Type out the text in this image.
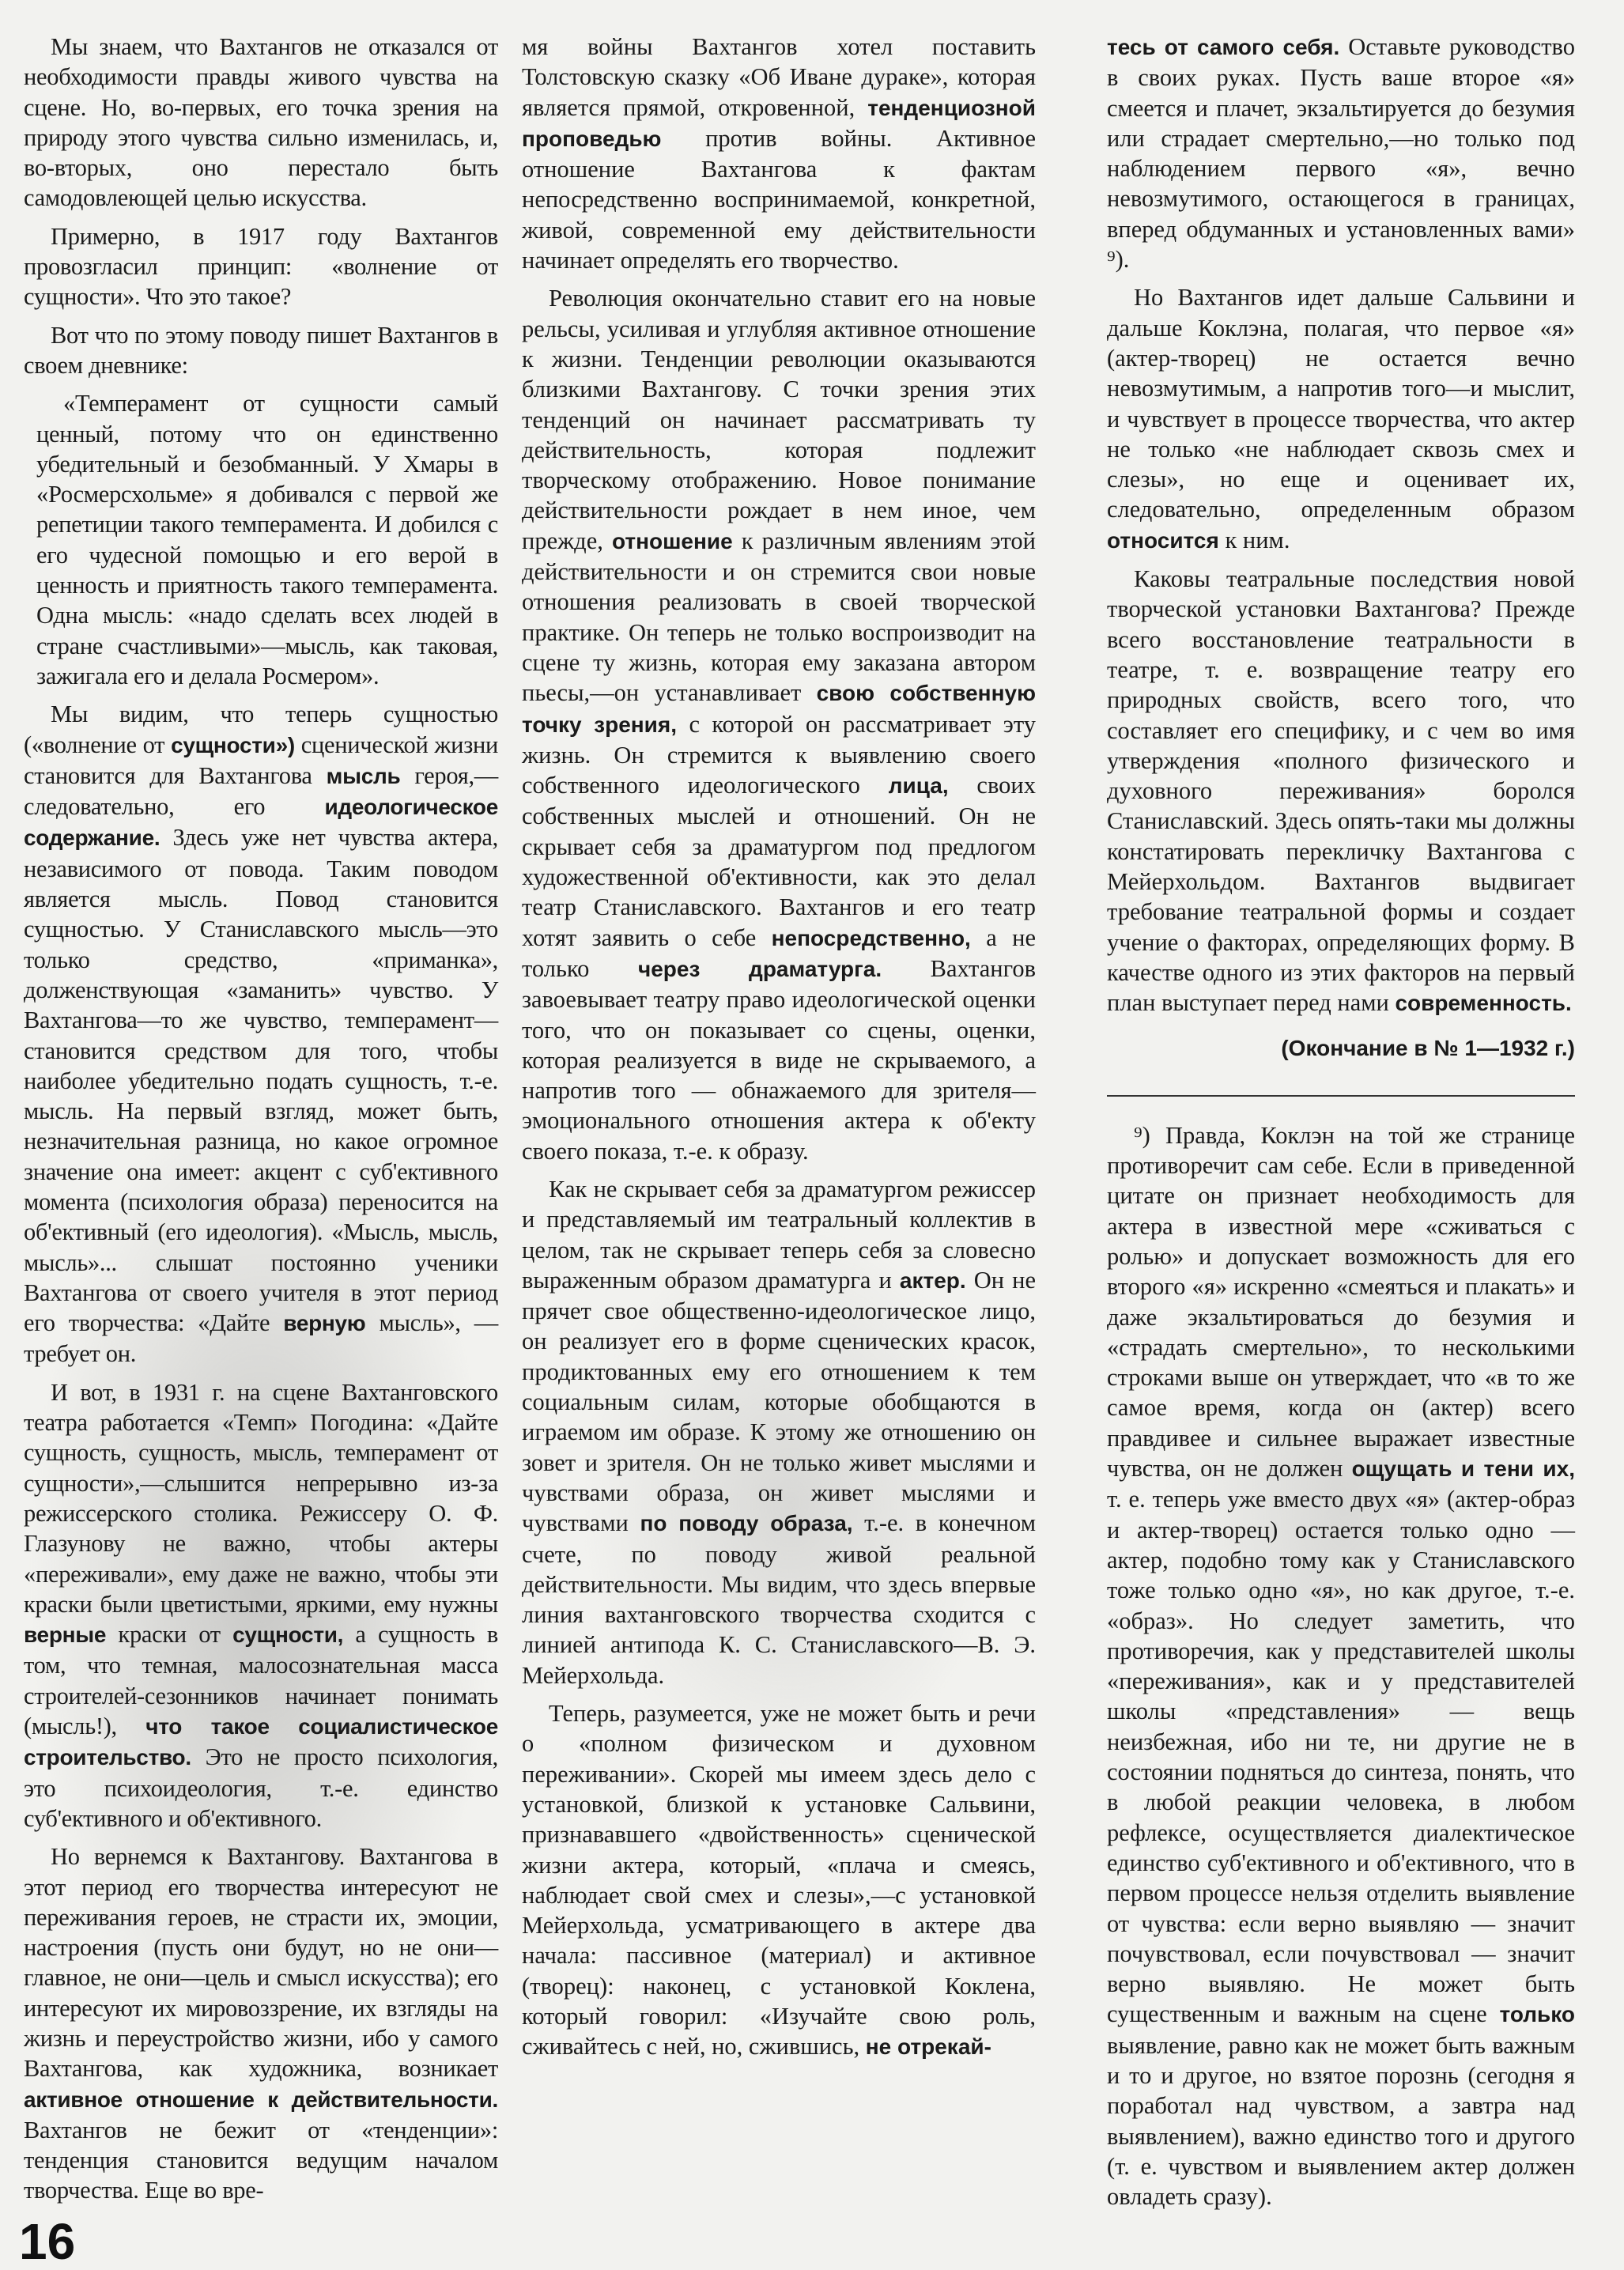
Мы знаем, что Вахтангов не отказался от необходимости правды живого чувства на сцене. Но, во-первых, его точка зрения на природу этого чувства сильно изменилась, и, во-вторых, оно перестало быть самодовлеющей целью искусства.

Примерно, в 1917 году Вахтангов провозгласил принцип: «волнение от сущности». Что это такое?

Вот что по этому поводу пишет Вахтангов в своем дневнике:

«Темперамент от сущности самый ценный, потому что он единственно убедительный и безобманный. У Хмары в «Росмерсхольме» я добивался с первой же репетиции такого темперамента. И добился с его чудесной помощью и его верой в ценность и приятность такого темперамента. Одна мысль: «надо сделать всех людей в стране счастливыми»—мысль, как таковая, зажигала его и делала Росмером».

Мы видим, что теперь сущностью («волнение от сущности») сценической жизни становится для Вахтангова мысль героя,—следовательно, его идеологическое содержание. Здесь уже нет чувства актера, независимого от повода. Таким поводом является мысль. Повод становится сущностью. У Станиславского мысль—это только средство, «приманка», долженствующая «заманить» чувство. У Вахтангова—то же чувство, темперамент—становится средством для того, чтобы наиболее убедительно подать сущность, т.-е. мысль. На первый взгляд, может быть, незначительная разница, но какое огромное значение она имеет: акцент с суб'ективного момента (психология образа) переносится на об'ективный (его идеология). «Мысль, мысль, мысль»... слышат постоянно ученики Вахтангова от своего учителя в этот период его творчества: «Дайте верную мысль», — требует он.

И вот, в 1931 г. на сцене Вахтанговского театра работается «Темп» Погодина: «Дайте сущность, сущность, мысль, темперамент от сущности»,—слышится непрерывно из-за режиссерского столика. Режиссеру О. Ф. Глазунову не важно, чтобы актеры «переживали», ему даже не важно, чтобы эти краски были цветистыми, яркими, ему нужны верные краски от сущности, а сущность в том, что темная, малосознательная масса строителей-сезонников начинает понимать (мысль!), что такое социалистическое строительство. Это не просто психология, это психоидеология, т.-е. единство суб'ективного и об'ективного.

Но вернемся к Вахтангову. Вахтангова в этот период его творчества интересуют не переживания героев, не страсти их, эмоции, настроения (пусть они будут, но не они—главное, не они—цель и смысл искусства); его интересуют их мировоззрение, их взгляды на жизнь и переустройство жизни, ибо у самого Вахтангова, как художника, возникает активное отношение к действительности. Вахтангов не бежит от «тенденции»: тенденция становится ведущим началом творчества. Еще во вре-

16

мя войны Вахтангов хотел поставить Толстовскую сказку «Об Иване дураке», которая является прямой, откровенной, тенденциозной проповедью против войны. Активное отношение Вахтангова к фактам непосредственно воспринимаемой, конкретной, живой, современной ему действительности начинает определять его творчество.

Революция окончательно ставит его на новые рельсы, усиливая и углубляя активное отношение к жизни. Тенденции революции оказываются близкими Вахтангову. С точки зрения этих тенденций он начинает рассматривать ту действительность, которая подлежит творческому отображению. Новое понимание действительности рождает в нем иное, чем прежде, отношение к различным явлениям этой действительности и он стремится свои новые отношения реализовать в своей творческой практике. Он теперь не только воспроизводит на сцене ту жизнь, которая ему заказана автором пьесы,—он устанавливает свою собственную точку зрения, с которой он рассматривает эту жизнь. Он стремится к выявлению своего собственного идеологического лица, своих собственных мыслей и отношений. Он не скрывает себя за драматургом под предлогом художественной об'ективности, как это делал театр Станиславского. Вахтангов и его театр хотят заявить о себе непосредственно, а не только через драматурга. Вахтангов завоевывает театру право идеологической оценки того, что он показывает со сцены, оценки, которая реализуется в виде не скрываемого, а напротив того — обнажаемого для зрителя—эмоционального отношения актера к об'екту своего показа, т.-е. к образу.

Как не скрывает себя за драматургом режиссер и представляемый им театральный коллектив в целом, так не скрывает теперь себя за словесно выраженным образом драматурга и актер. Он не прячет свое общественно-идеологическое лицо, он реализует его в форме сценических красок, продиктованных ему его отношением к тем социальным силам, которые обобщаются в играемом им образе. К этому же отношению он зовет и зрителя. Он не только живет мыслями и чувствами образа, он живет мыслями и чувствами по поводу образа, т.-е. в конечном счете, по поводу живой реальной действительности. Мы видим, что здесь впервые линия вахтанговского творчества сходится с линией антипода К. С. Станиславского—В. Э. Мейерхольда.

Теперь, разумеется, уже не может быть и речи о «полном физическом и духовном переживании». Скорей мы имеем здесь дело с установкой, близкой к установке Сальвини, признававшего «двойственность» сценической жизни актера, который, «плача и смеясь, наблюдает свой смех и слезы»,—с установкой Мейерхольда, усматривающего в актере два начала: пассивное (материал) и активное (творец): наконец, с установкой Коклена, который говорил: «Изучайте свою роль, сживайтесь с ней, но, сжившись, не отрекай-

тесь от самого себя. Оставьте руководство в своих руках. Пусть ваше второе «я» смеется и плачет, экзальтируется до безумия или страдает смертельно,—но только под наблюдением первого «я», вечно невозмутимого, остающегося в границах, вперед обдуманных и установленных вами» ⁹).

Но Вахтангов идет дальше Сальвини и дальше Коклэна, полагая, что первое «я» (актер-творец) не остается вечно невозмутимым, а напротив того—и мыслит, и чувствует в процессе творчества, что актер не только «не наблюдает сквозь смех и слезы», но еще и оценивает их, следовательно, определенным образом относится к ним.

Каковы театральные последствия новой творческой установки Вахтангова? Прежде всего восстановление театральности в театре, т. е. возвращение театру его природных свойств, всего того, что составляет его специфику, и с чем во имя утверждения «полного физического и духовного переживания» боролся Станиславский. Здесь опять-таки мы должны констатировать перекличку Вахтангова с Мейерхольдом. Вахтангов выдвигает требование театральной формы и создает учение о факторах, определяющих форму. В качестве одного из этих факторов на первый план выступает перед нами современность.

(Окончание в № 1—1932 г.)

⁹) Правда, Коклэн на той же странице противоречит сам себе. Если в приведенной цитате он признает необходимость для актера в известной мере «сживаться с ролью» и допускает возможность для его второго «я» искренно «смеяться и плакать» и даже экзальтироваться до безумия и «страдать смертельно», то несколькими строками выше он утверждает, что «в то же самое время, когда он (актер) всего правдивее и сильнее выражает известные чувства, он не должен ощущать и тени их, т. е. теперь уже вместо двух «я» (актер-образ и актер-творец) остается только одно — актер, подобно тому как у Станиславского тоже только одно «я», но как другое, т.-е. «образ». Но следует заметить, что противоречия, как у представителей школы «переживания», как и у представителей школы «представления» — вещь неизбежная, ибо ни те, ни другие не в состоянии подняться до синтеза, понять, что в любой реакции человека, в любом рефлексе, осуществляется диалектическое единство суб'ективного и об'ективного, что в первом процессе нельзя отделить выявление от чувства: если верно выявляю — значит почувствовал, если почувствовал — значит верно выявляю. Не может быть существенным и важным на сцене только выявление, равно как не может быть важным и то и другое, но взятое порознь (сегодня я поработал над чувством, а завтра над выявлением), важно единство того и другого (т. е. чувством и выявлением актер должен овладеть сразу).
